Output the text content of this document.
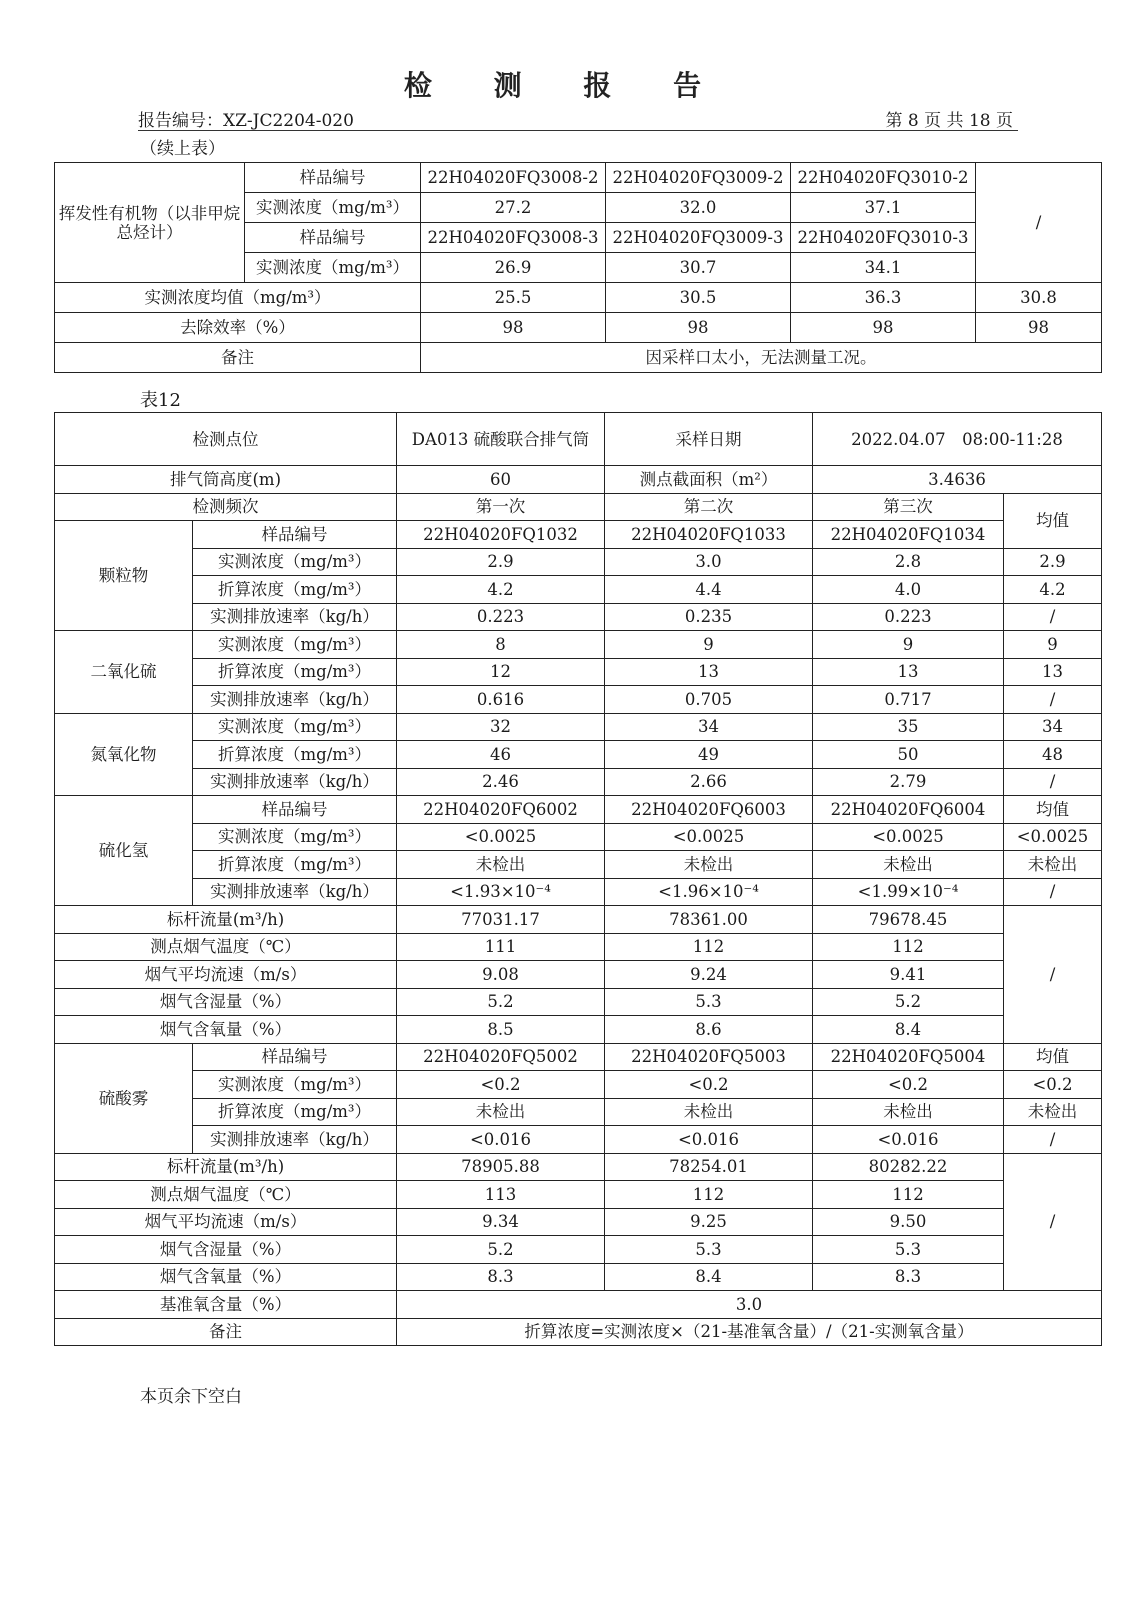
检 测 报 告
报告编号：XZ-JC2204-020	第 8 页 共 18 页
（续上表）
挥发性有机物（以非甲烷总烃计）	样品编号	22H04020FQ3008-2	22H04020FQ3009-2	22H04020FQ3010-2	/
	实测浓度（mg/m³）	27.2	32.0	37.1	
	样品编号	22H04020FQ3008-3	22H04020FQ3009-3	22H04020FQ3010-3	
	实测浓度（mg/m³）	26.9	30.7	34.1	
实测浓度均值（mg/m³）		25.5	30.5	36.3	30.8
去除效率（%）		98	98	98	98
备注		因采样口太小，无法测量工况。			
表12
检测点位		DA013 硫酸联合排气筒	采样日期	2022.04.07　08:00-11:28	
排气筒高度(m)		60	测点截面积（m²）	3.4636	
检测频次		第一次	第二次	第三次	均值
颗粒物	样品编号	22H04020FQ1032	22H04020FQ1033	22H04020FQ1034	
	实测浓度（mg/m³）	2.9	3.0	2.8	2.9
	折算浓度（mg/m³）	4.2	4.4	4.0	4.2
	实测排放速率（kg/h）	0.223	0.235	0.223	/
二氧化硫	实测浓度（mg/m³）	8	9	9	9
	折算浓度（mg/m³）	12	13	13	13
	实测排放速率（kg/h）	0.616	0.705	0.717	/
氮氧化物	实测浓度（mg/m³）	32	34	35	34
	折算浓度（mg/m³）	46	49	50	48
	实测排放速率（kg/h）	2.46	2.66	2.79	/
硫化氢	样品编号	22H04020FQ6002	22H04020FQ6003	22H04020FQ6004	均值
	实测浓度（mg/m³）	<0.0025	<0.0025	<0.0025	<0.0025
	折算浓度（mg/m³）	未检出	未检出	未检出	未检出
	实测排放速率（kg/h）	<1.93×10⁻⁴	<1.96×10⁻⁴	<1.99×10⁻⁴	/
标杆流量(m³/h)		77031.17	78361.00	79678.45	/
测点烟气温度（℃）		111	112	112	
烟气平均流速（m/s）		9.08	9.24	9.41	
烟气含湿量（%）		5.2	5.3	5.2	
烟气含氧量（%）		8.5	8.6	8.4	
硫酸雾	样品编号	22H04020FQ5002	22H04020FQ5003	22H04020FQ5004	均值
	实测浓度（mg/m³）	<0.2	<0.2	<0.2	<0.2
	折算浓度（mg/m³）	未检出	未检出	未检出	未检出
	实测排放速率（kg/h）	<0.016	<0.016	<0.016	/
标杆流量(m³/h)		78905.88	78254.01	80282.22	/
测点烟气温度（℃）		113	112	112	
烟气平均流速（m/s）		9.34	9.25	9.50	
烟气含湿量（%）		5.2	5.3	5.3	
烟气含氧量（%）		8.3	8.4	8.3	
基准氧含量（%）		3.0			
备注		折算浓度=实测浓度×（21-基准氧含量）/（21-实测氧含量）			
本页余下空白
